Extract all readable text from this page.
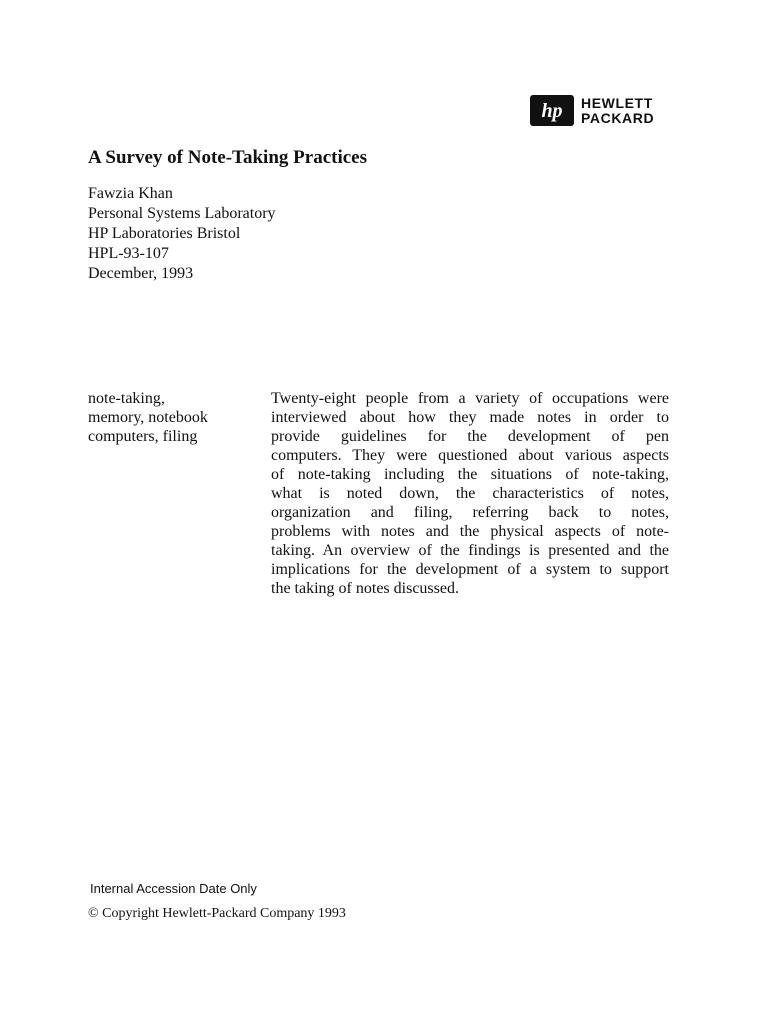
hp HEWLETT
PACKARD
A Survey of Note-Taking Practices
Fawzia Khan
Personal Systems Laboratory
HP Laboratories Bristol
HPL-93-107
December, 1993
note-taking,
memory, notebook
computers, filing
Twenty-eight people from a variety of occupations were
interviewed about how they made notes in order to
provide guidelines for the development of pen
computers. They were questioned about various aspects
of note-taking including the situations of note-taking,
what is noted down, the characteristics of notes,
organization and filing, referring back to notes,
problems with notes and the physical aspects of note-
taking. An overview of the findings is presented and the
implications for the development of a system to support
the taking of notes discussed.
Internal Accession Date Only
© Copyright Hewlett-Packard Company 1993
